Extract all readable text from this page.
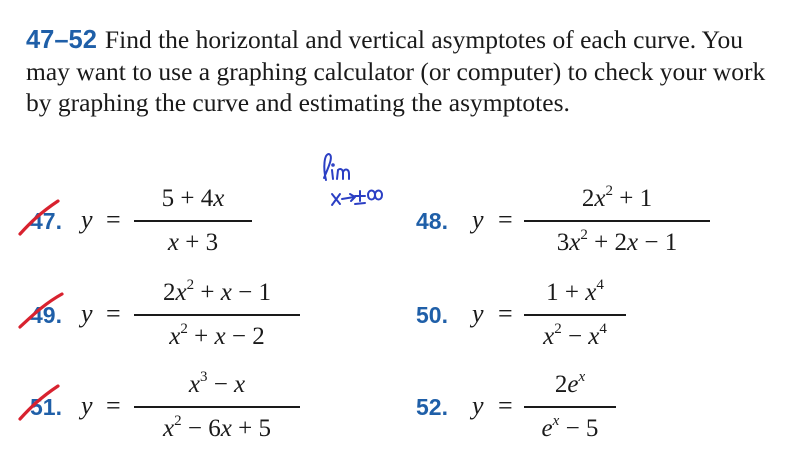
47–52 Find the horizontal and vertical asymptotes of each curve. You may want to use a graphing calculator (or computer) to check your work by graphing the curve and estimating the asymptotes.
47. y =
5 + 4x
x + 3
48. y =
$2x^2 + 1$
$3x^2 + 2x - 1$
49. y =
$2x^2 + x - 1$
$x^2 + x - 2$
50. y =
$1 + x^4$
$x^2 - x^4$
51. y =
$x^3 - x$
$x^2 - 6x + 5$
52. y =
$2e^x$
$e^x - 5$
